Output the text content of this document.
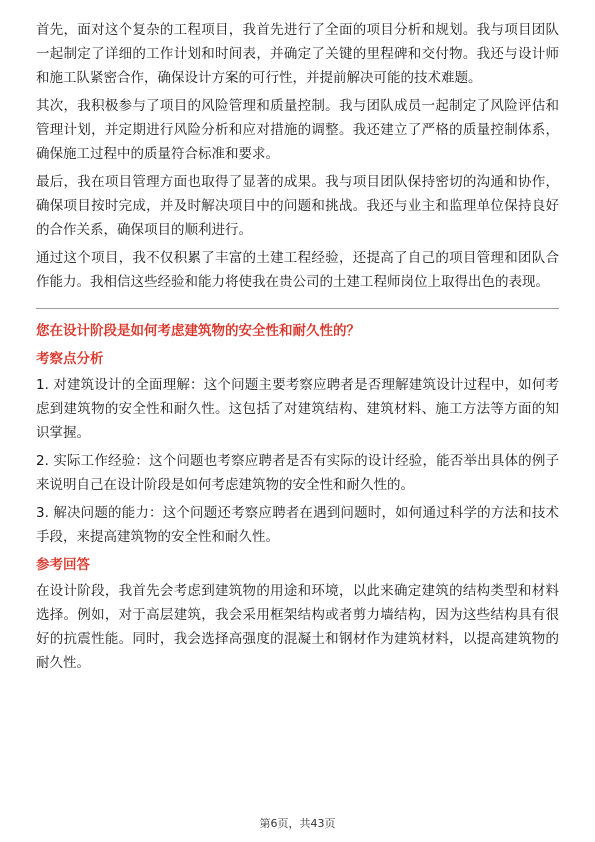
首先，面对这个复杂的工程项目，我首先进行了全面的项目分析和规划。我与项目团队一起制定了详细的工作计划和时间表，并确定了关键的里程碑和交付物。我还与设计师和施工队紧密合作，确保设计方案的可行性，并提前解决可能的技术难题。

其次，我积极参与了项目的风险管理和质量控制。我与团队成员一起制定了风险评估和管理计划，并定期进行风险分析和应对措施的调整。我还建立了严格的质量控制体系，确保施工过程中的质量符合标准和要求。

最后，我在项目管理方面也取得了显著的成果。我与项目团队保持密切的沟通和协作，确保项目按时完成，并及时解决项目中的问题和挑战。我还与业主和监理单位保持良好的合作关系，确保项目的顺利进行。

通过这个项目，我不仅积累了丰富的土建工程经验，还提高了自己的项目管理和团队合作能力。我相信这些经验和能力将使我在贵公司的土建工程师岗位上取得出色的表现。

您在设计阶段是如何考虑建筑物的安全性和耐久性的？
考察点分析

1. 对建筑设计的全面理解：这个问题主要考察应聘者是否理解建筑设计过程中，如何考虑到建筑物的安全性和耐久性。这包括了对建筑结构、建筑材料、施工方法等方面的知识掌握。

2. 实际工作经验：这个问题也考察应聘者是否有实际的设计经验，能否举出具体的例子来说明自己在设计阶段是如何考虑建筑物的安全性和耐久性的。

3. 解决问题的能力：这个问题还考察应聘者在遇到问题时，如何通过科学的方法和技术手段，来提高建筑物的安全性和耐久性。

参考回答

在设计阶段，我首先会考虑到建筑物的用途和环境，以此来确定建筑的结构类型和材料选择。例如，对于高层建筑，我会采用框架结构或者剪力墙结构，因为这些结构具有很好的抗震性能。同时，我会选择高强度的混凝土和钢材作为建筑材料，以提高建筑物的耐久性。

第6页，共43页
